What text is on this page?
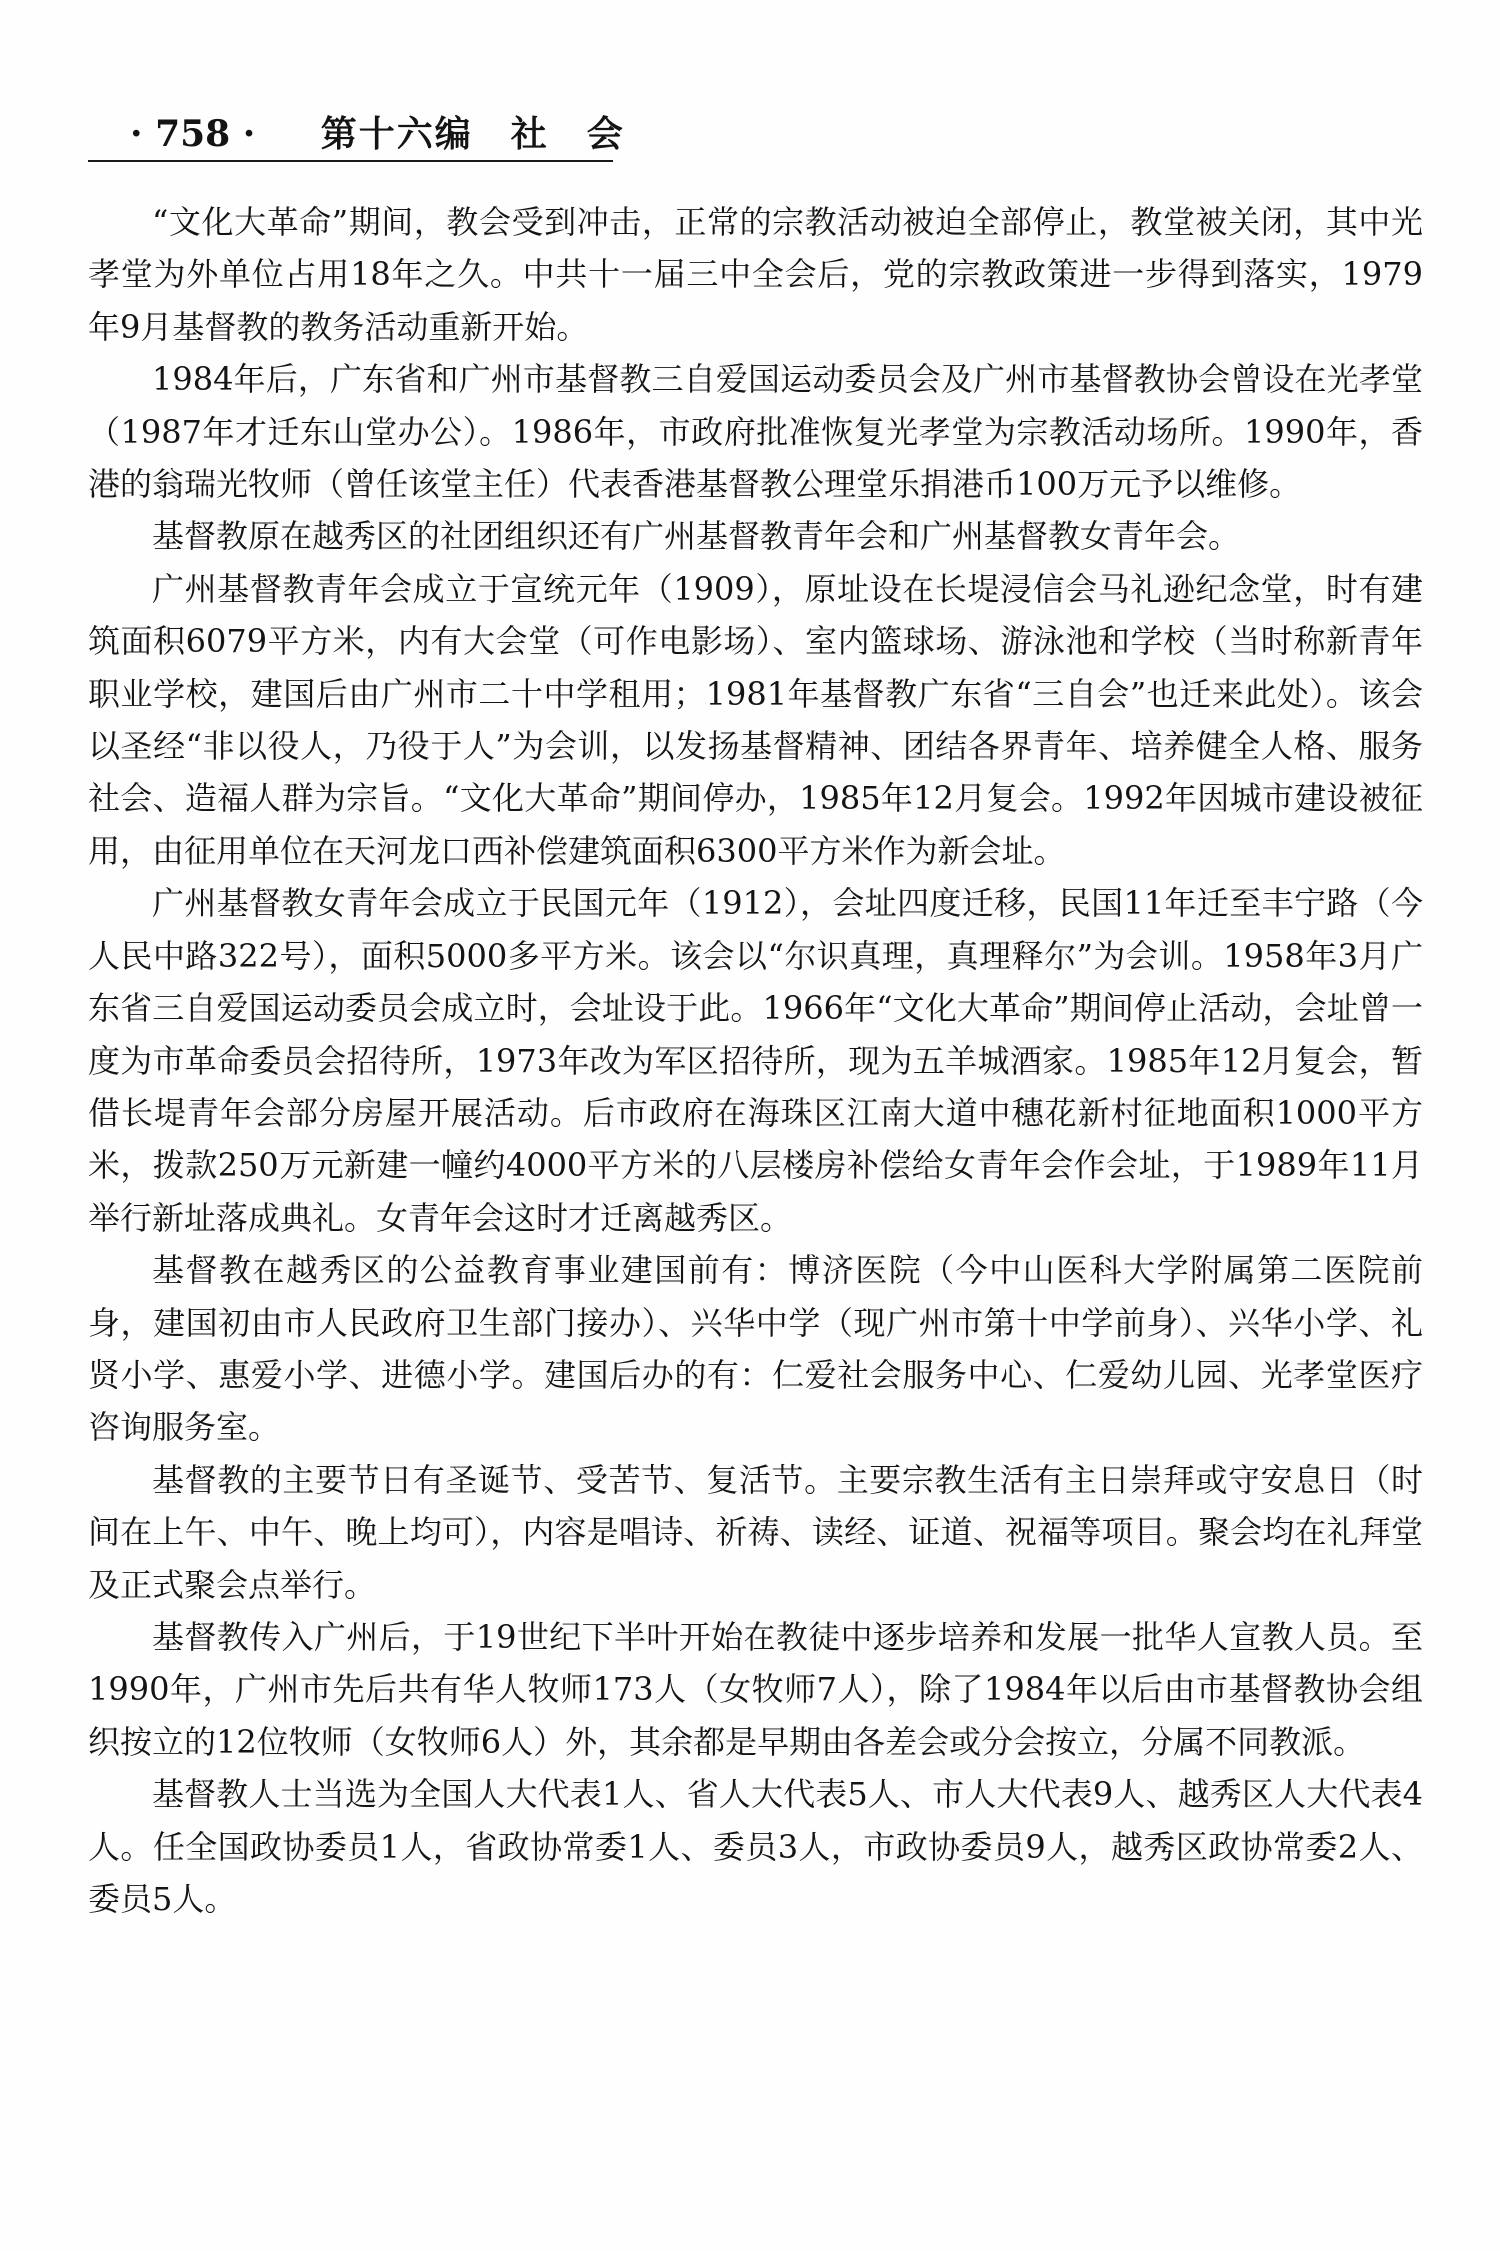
· 758 · 第十六编　社　会

“文化大革命”期间，教会受到冲击，正常的宗教活动被迫全部停止，教堂被关闭，其中光孝堂为外单位占用18年之久。中共十一届三中全会后，党的宗教政策进一步得到落实，1979年9月基督教的教务活动重新开始。

1984年后，广东省和广州市基督教三自爱国运动委员会及广州市基督教协会曾设在光孝堂（1987年才迁东山堂办公）。1986年，市政府批准恢复光孝堂为宗教活动场所。1990年，香港的翁瑞光牧师（曾任该堂主任）代表香港基督教公理堂乐捐港币100万元予以维修。

基督教原在越秀区的社团组织还有广州基督教青年会和广州基督教女青年会。

广州基督教青年会成立于宣统元年（1909），原址设在长堤浸信会马礼逊纪念堂，时有建筑面积6079平方米，内有大会堂（可作电影场）、室内篮球场、游泳池和学校（当时称新青年职业学校，建国后由广州市二十中学租用；1981年基督教广东省“三自会”也迁来此处）。该会以圣经“非以役人，乃役于人”为会训，以发扬基督精神、团结各界青年、培养健全人格、服务社会、造福人群为宗旨。“文化大革命”期间停办，1985年12月复会。1992年因城市建设被征用，由征用单位在天河龙口西补偿建筑面积6300平方米作为新会址。

广州基督教女青年会成立于民国元年（1912），会址四度迁移，民国11年迁至丰宁路（今人民中路322号），面积5000多平方米。该会以“尔识真理，真理释尔”为会训。1958年3月广东省三自爱国运动委员会成立时，会址设于此。1966年“文化大革命”期间停止活动，会址曾一度为市革命委员会招待所，1973年改为军区招待所，现为五羊城酒家。1985年12月复会，暂借长堤青年会部分房屋开展活动。后市政府在海珠区江南大道中穗花新村征地面积1000平方米，拨款250万元新建一幢约4000平方米的八层楼房补偿给女青年会作会址，于1989年11月举行新址落成典礼。女青年会这时才迁离越秀区。

基督教在越秀区的公益教育事业建国前有：博济医院（今中山医科大学附属第二医院前身，建国初由市人民政府卫生部门接办）、兴华中学（现广州市第十中学前身）、兴华小学、礼贤小学、惠爱小学、进德小学。建国后办的有：仁爱社会服务中心、仁爱幼儿园、光孝堂医疗咨询服务室。

基督教的主要节日有圣诞节、受苦节、复活节。主要宗教生活有主日崇拜或守安息日（时间在上午、中午、晚上均可），内容是唱诗、祈祷、读经、证道、祝福等项目。聚会均在礼拜堂及正式聚会点举行。

基督教传入广州后，于19世纪下半叶开始在教徒中逐步培养和发展一批华人宣教人员。至1990年，广州市先后共有华人牧师173人（女牧师7人），除了1984年以后由市基督教协会组织按立的12位牧师（女牧师6人）外，其余都是早期由各差会或分会按立，分属不同教派。

基督教人士当选为全国人大代表1人、省人大代表5人、市人大代表9人、越秀区人大代表4人。任全国政协委员1人，省政协常委1人、委员3人，市政协委员9人，越秀区政协常委2人、委员5人。
